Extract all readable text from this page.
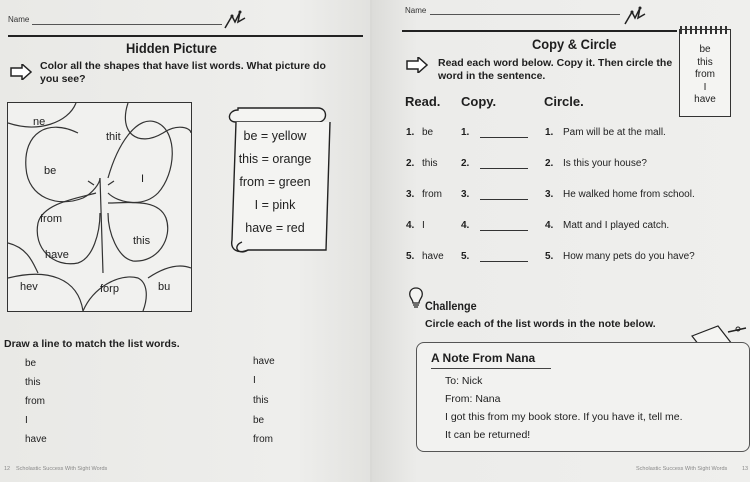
Name
Hidden Picture
Color all the shapes that have list words. What picture do you see?
ne
thit
be
I
from
this
have
hev	forp	bu
be = yellow
this = orange
from = green
I = pink
have = red
Draw a line to match the list words.
be
this
from
I
have
have
I
this
be
from
12 Scholastic Success With Sight Words
Name
Copy & Circle
Read each word below. Copy it. Then circle the word in the sentence.
Read. Copy.	Circle.
1. be	1.	1. Pam will be at the mall.
2. this 2.	2. Is this your house?
3. from 3.	3. He walked home from school.
4. I	4.	4. Matt and I played catch.
5. have 5.	5. How many pets do you have?
Challenge
Circle each of the list words in the note below.
be
this
from
I
have
A Note From Nana
To: Nick
From: Nana
I got this from my book store. If you have it, tell me.
It can be returned!
Scholastic Success With Sight Words	13
